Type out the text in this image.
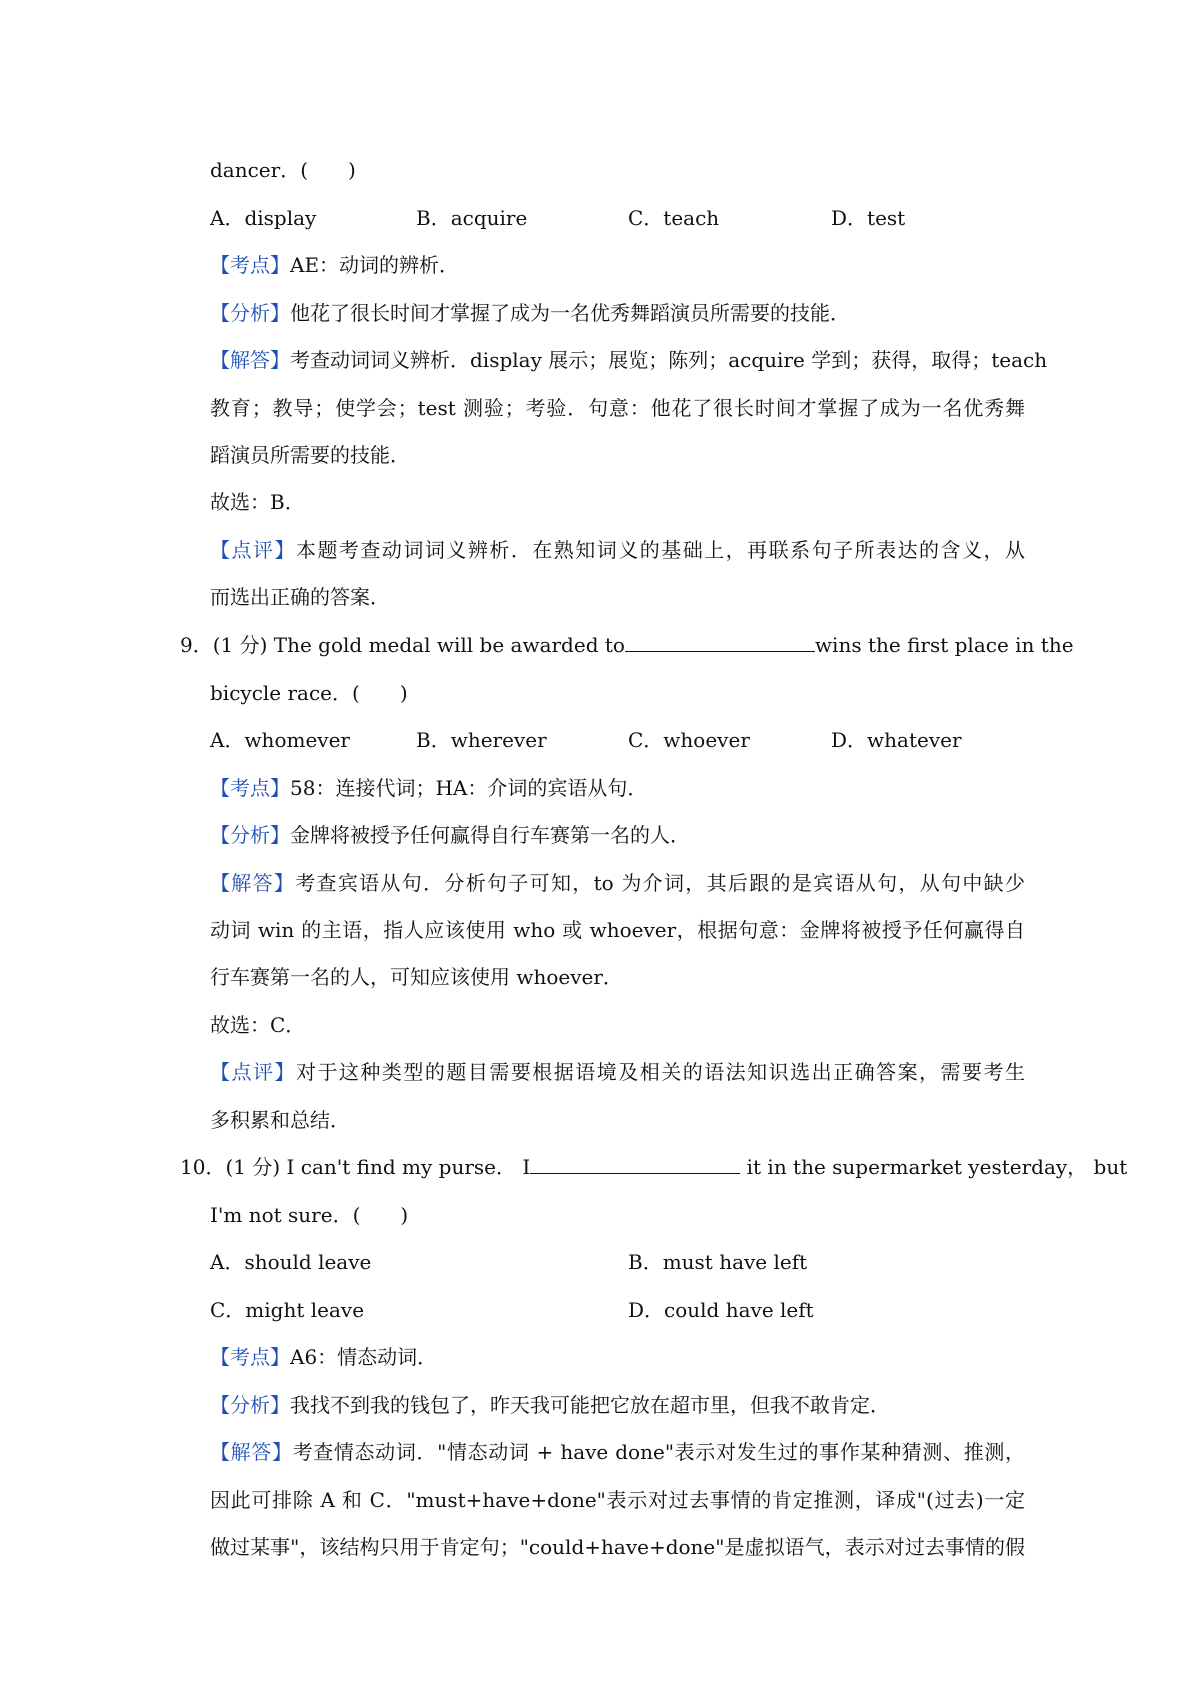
dancer．(　　)
A．display	B．acquire	C．teach	D．test
【考点】AE：动词的辨析．
【分析】他花了很长时间才掌握了成为一名优秀舞蹈演员所需要的技能．
【解答】考查动词词义辨析．display 展示；展览；陈列；acquire 学到；获得，取得；teach
教育；教导；使学会；test 测验；考验．句意：他花了很长时间才掌握了成为一名优秀舞
蹈演员所需要的技能．
故选：B．
【点评】本题考查动词词义辨析．在熟知词义的基础上，再联系句子所表达的含义，从
而选出正确的答案．
9．(1 分) The gold medal will be awarded to	wins the first place in the
bicycle race．(　　)
A．whomever	B．wherever	C．whoever	D．whatever
【考点】58：连接代词；HA：介词的宾语从句．
【分析】金牌将被授予任何赢得自行车赛第一名的人．
【解答】考查宾语从句．分析句子可知，to 为介词，其后跟的是宾语从句，从句中缺少
动词 win 的主语，指人应该使用 who 或 whoever，根据句意：金牌将被授予任何赢得自
行车赛第一名的人，可知应该使用 whoever．
故选：C．
【点评】对于这种类型的题目需要根据语境及相关的语法知识选出正确答案，需要考生
多积累和总结．
10．(1 分) I can't find my purse． I	it in the supermarket yesterday， but
I'm not sure．(　　)
A．should leave	B．must have left
C．might leave	D．could have left
【考点】A6：情态动词．
【分析】我找不到我的钱包了，昨天我可能把它放在超市里，但我不敢肯定．
【解答】考查情态动词．"情态动词 + have done"表示对发生过的事作某种猜测、推测，
因此可排除 A 和 C．"must+have+done"表示对过去事情的肯定推测，译成"(过去)一定
做过某事"，该结构只用于肯定句；"could+have+done"是虚拟语气，表示对过去事情的假
